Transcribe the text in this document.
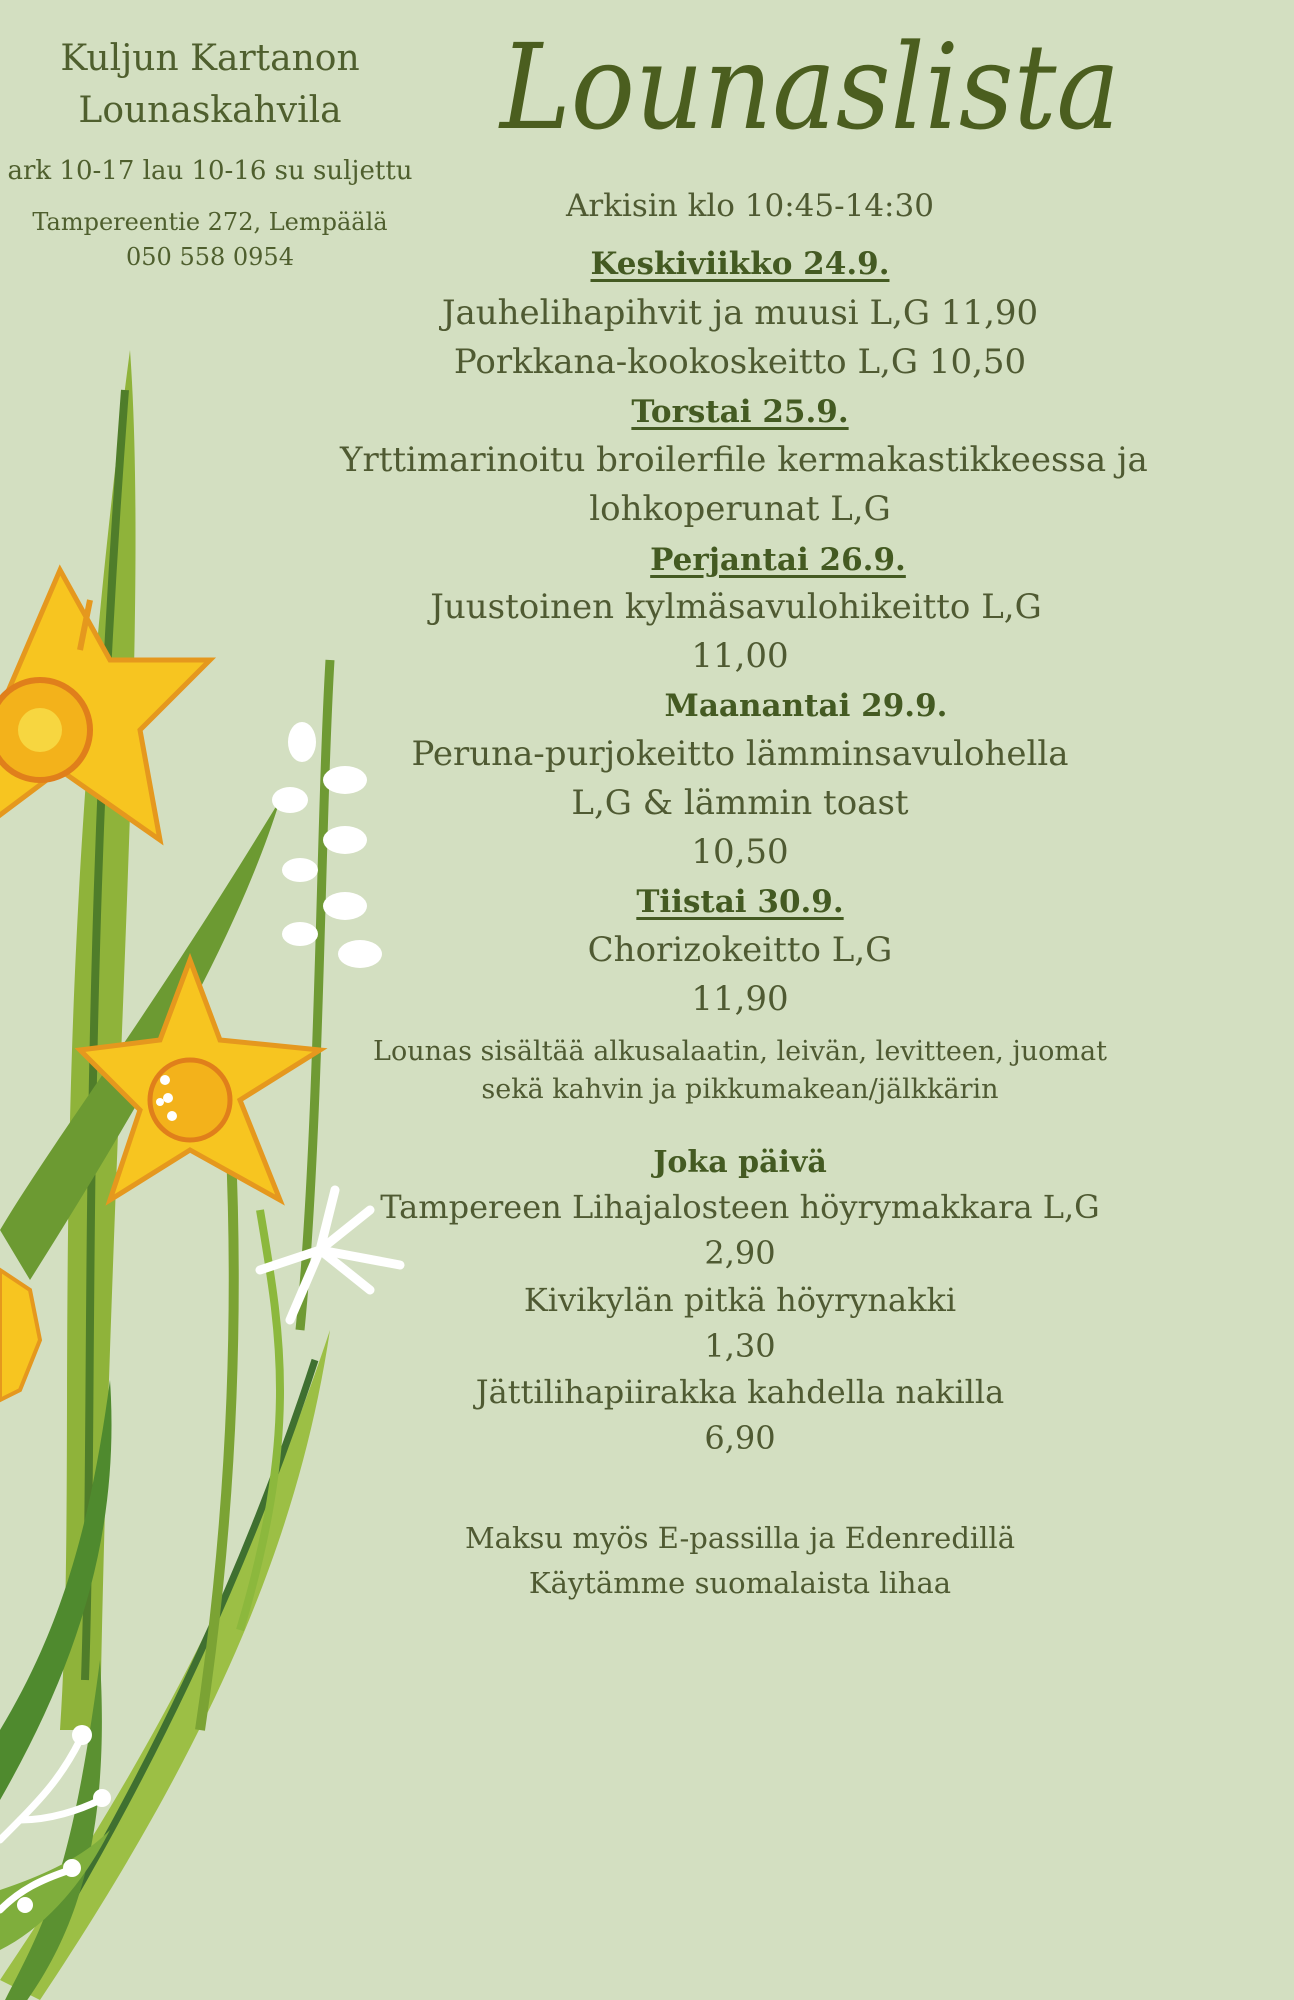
Kuljun Kartanon
Lounaskahvila
ark 10-17 lau 10-16 su suljettu
Tampereentie 272, Lempäälä
050 558 0954
Lounaslista
Arkisin klo 10:45-14:30
Keskiviikko 24.9.
Jauhelihapihvit ja muusi L,G 11,90
Porkkana-kookoskeitto L,G 10,50
Torstai 25.9.
Yrttimarinoitu broilerfile kermakastikkeessa ja
lohkoperunat L,G
Perjantai 26.9.
Juustoinen kylmäsavulohikeitto L,G
11,00
Maanantai 29.9.
Peruna-purjokeitto lämminsavulohella
L,G & lämmin toast
10,50
Tiistai 30.9.
Chorizokeitto L,G
11,90
Lounas sisältää alkusalaatin, leivän, levitteen, juomat
sekä kahvin ja pikkumakean/jälkkärin
Joka päivä
Tampereen Lihajalosteen höyrymakkara L,G
2,90
Kivikylän pitkä höyrynakki
1,30
Jättilihapiirakka kahdella nakilla
6,90
Maksu myös E-passilla ja Edenredillä
Käytämme suomalaista lihaa
